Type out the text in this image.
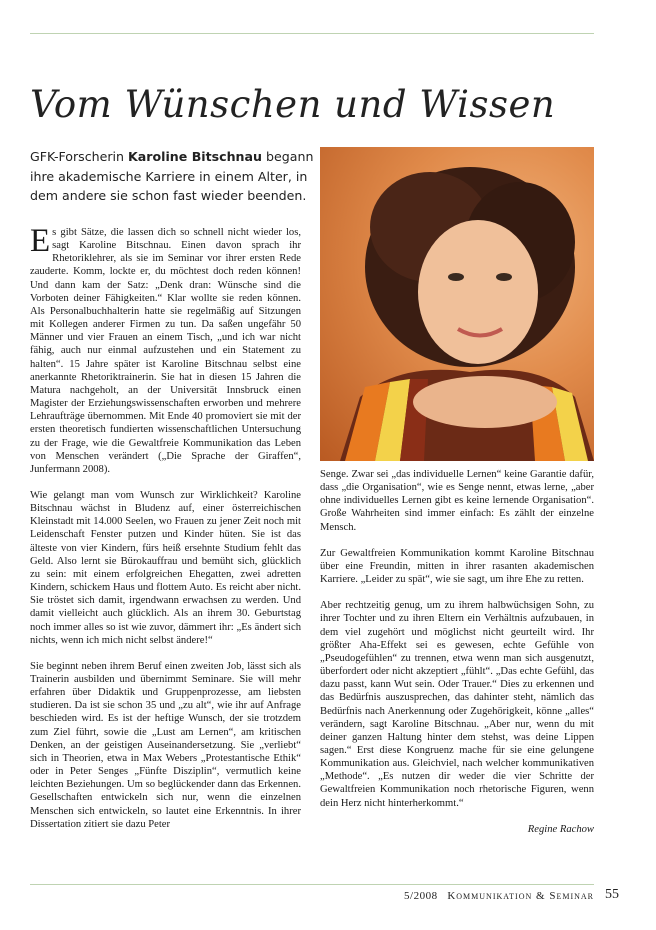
Vom Wünschen und Wissen

GFK-Forscherin Karoline Bitschnau begann ihre akademische Karriere in einem Alter, in dem andere sie schon fast wieder beenden.

Es gibt Sätze, die lassen dich so schnell nicht wieder los, sagt Karoline Bitschnau. Einen davon sprach ihr Rhetoriklehrer, als sie im Seminar vor ihrer ersten Rede zauderte. Komm, lockte er, du möchtest doch reden können! Und dann kam der Satz: „Denk dran: Wünsche sind die Vorboten deiner Fähigkeiten.“ Klar wollte sie reden können. Als Personalbuchhalterin hatte sie regelmäßig auf Sitzungen mit Kollegen anderer Firmen zu tun. Da saßen ungefähr 50 Männer und vier Frauen an einem Tisch, „und ich war nicht fähig, auch nur einmal aufzustehen und ein Statement zu halten“. 15 Jahre später ist Karoline Bitschnau selbst eine anerkannte Rhetoriktrainerin. Sie hat in diesen 15 Jahren die Matura nachgeholt, an der Universität Innsbruck einen Magister der Erziehungswissenschaften erworben und mehrere Lehraufträge übernommen. Mit Ende 40 promoviert sie mit der ersten theoretisch fundierten wissenschaftlichen Untersuchung zu der Frage, wie die Gewaltfreie Kommunikation das Leben von Menschen verändert („Die Sprache der Giraffen“, Junfermann 2008).

Wie gelangt man vom Wunsch zur Wirklichkeit? Karoline Bitschnau wächst in Bludenz auf, einer österreichischen Kleinstadt mit 14.000 Seelen, wo Frauen zu jener Zeit noch mit Leidenschaft Fenster putzen und Kinder hüten. Sie ist das älteste von vier Kindern, fürs heiß ersehnte Studium fehlt das Geld. Also lernt sie Bürokauffrau und bemüht sich, glücklich zu sein: mit einem erfolgreichen Ehegatten, zwei adretten Kindern, schickem Haus und flottem Auto. Es reicht aber nicht. Sie tröstet sich damit, irgendwann erwachsen zu werden. Und damit vielleicht auch glücklich. Als an ihrem 30. Geburtstag noch immer alles so ist wie zuvor, dämmert ihr: „Es ändert sich nichts, wenn ich mich nicht selbst ändere!“

Sie beginnt neben ihrem Beruf einen zweiten Job, lässt sich als Trainerin ausbilden und übernimmt Seminare. Sie will mehr erfahren über Didaktik und Gruppenprozesse, am liebsten studieren. Da ist sie schon 35 und „zu alt“, wie ihr auf Anfrage beschieden wird. Es ist der heftige Wunsch, der sie trotzdem zum Ziel führt, sowie die „Lust am Lernen“, am kritischen Denken, an der geistigen Auseinandersetzung. Sie „verliebt“ sich in Theorien, etwa in Max Webers „Protestantische Ethik“ oder in Peter Senges „Fünfte Disziplin“, vermutlich keine leichten Beziehungen. Um so beglückender dann das Erkennen. Gesellschaften entwickeln sich nur, wenn die einzelnen Menschen sich entwickeln, so lautet eine Erkenntnis. In ihrer Dissertation zitiert sie dazu Peter

Senge. Zwar sei „das individuelle Lernen“ keine Garantie dafür, dass „die Organisation“, wie es Senge nennt, etwas lerne, „aber ohne individuelles Lernen gibt es keine lernende Organisation“. Große Wahrheiten sind immer einfach: Es zählt der einzelne Mensch.

Zur Gewaltfreien Kommunikation kommt Karoline Bitschnau über eine Freundin, mitten in ihrer rasanten akademischen Karriere. „Leider zu spät“, wie sie sagt, um ihre Ehe zu retten.

Aber rechtzeitig genug, um zu ihrem halbwüchsigen Sohn, zu ihrer Tochter und zu ihren Eltern ein Verhältnis aufzubauen, in dem viel zugehört und möglichst nicht geurteilt wird. Ihr größter Aha-Effekt sei es gewesen, echte Gefühle von „Pseudogefühlen“ zu trennen, etwa wenn man sich ausgenutzt, überfordert oder nicht akzeptiert „fühlt“. „Das echte Gefühl, das dazu passt, kann Wut sein. Oder Trauer.“ Dies zu erkennen und das Bedürfnis auszusprechen, das dahinter steht, nämlich das Bedürfnis nach Anerkennung oder Zugehörigkeit, könne „alles“ verändern, sagt Karoline Bitschnau. „Aber nur, wenn du mit deiner ganzen Haltung hinter dem stehst, was deine Lippen sagen.“ Erst diese Kongruenz mache für sie eine gelungene Kommunikation aus. Gleichviel, nach welcher kommunikativen „Methode“. „Es nutzen dir weder die vier Schritte der Gewaltfreien Kommunikation noch rhetorische Figuren, wenn dein Herz nicht hinterherkommt.“

Regine Rachow

5/2008 Kommunikation & Seminar 55
